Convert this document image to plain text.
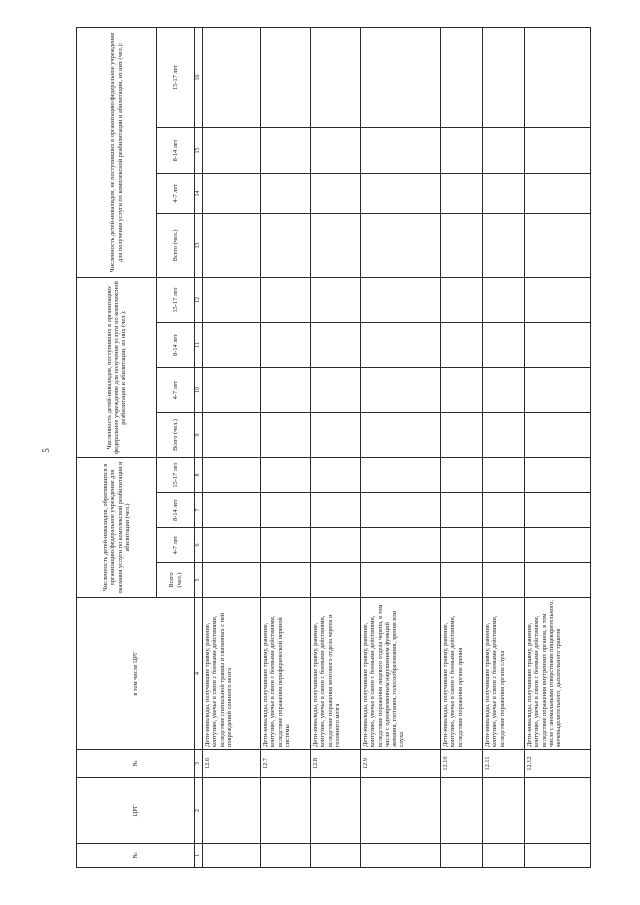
5
№	ЦРГ	№	в том числе ЦРГ	Численность детей-инвалидов, обратившихся в организацию/федеральное учреждение для оказания услуги по комплексной реабилитации и абилитации (чел.)				Численность детей-инвалидов, поступивших в организацию/федеральное учреждение для получения услуги по комплексной реабилитации и абилитации, из них (чел.):				Численность детей-инвалидов, не поступивших в организацию/федеральное учреждение для получения услуги по комплексной реабилитации и абилитации, из них (чел.):			
				Всего (чел.)	4-7 лет	8-14 лет	15-17 лет	Всего (чел.)	4-7 лет	8-14 лет	15-17 лет	Всего (чел.)	4-7 лет	8-14 лет	15-17 лет
1	2	3	4	5	6	7	8	9	10	11	12	13	14	15	16
		12.6	Дети-инвалиды, получившие травму, ранение, контузию, увечье в связи с боевыми действиями, вследствие спинальной травмы и связанных с ней повреждений спинного мозга												
		12.7	Дети-инвалиды, получившие травму, ранение, контузию, увечье в связи с боевыми действиями, вследствие поражения периферической нервной системы												
		12.8	Дети-инвалиды, получившие травму, ранение, контузию, увечье в связи с боевыми действиями, вследствие поражения мозгового отдела черепа и головного мозга												
		12.9	Дети-инвалиды, получившие травму, ранение, контузию, увечье в связи с боевыми действиями, вследствие поражения лицевого отдела черепа, в том числе с одновременным нарушением функций жевания, глотания, голосообразования, зрения или слуха												
		12.10	Дети-инвалиды, получившие травму, ранение, контузию, увечье в связи с боевыми действиями, вследствие поражения органа зрения												
		12.11	Дети-инвалиды, получившие травму, ранение, контузию, увечье в связи с боевыми действиями, вследствие поражения органа слуха												
		12.12	Дети-инвалиды, получившие травму, ранение, контузию, увечье в связи с боевыми действиями, вследствие поражения внутренних органов, в том числе с аномальными отверстиями пищеварительного, мочевыделительного, дыхательного трактов												
